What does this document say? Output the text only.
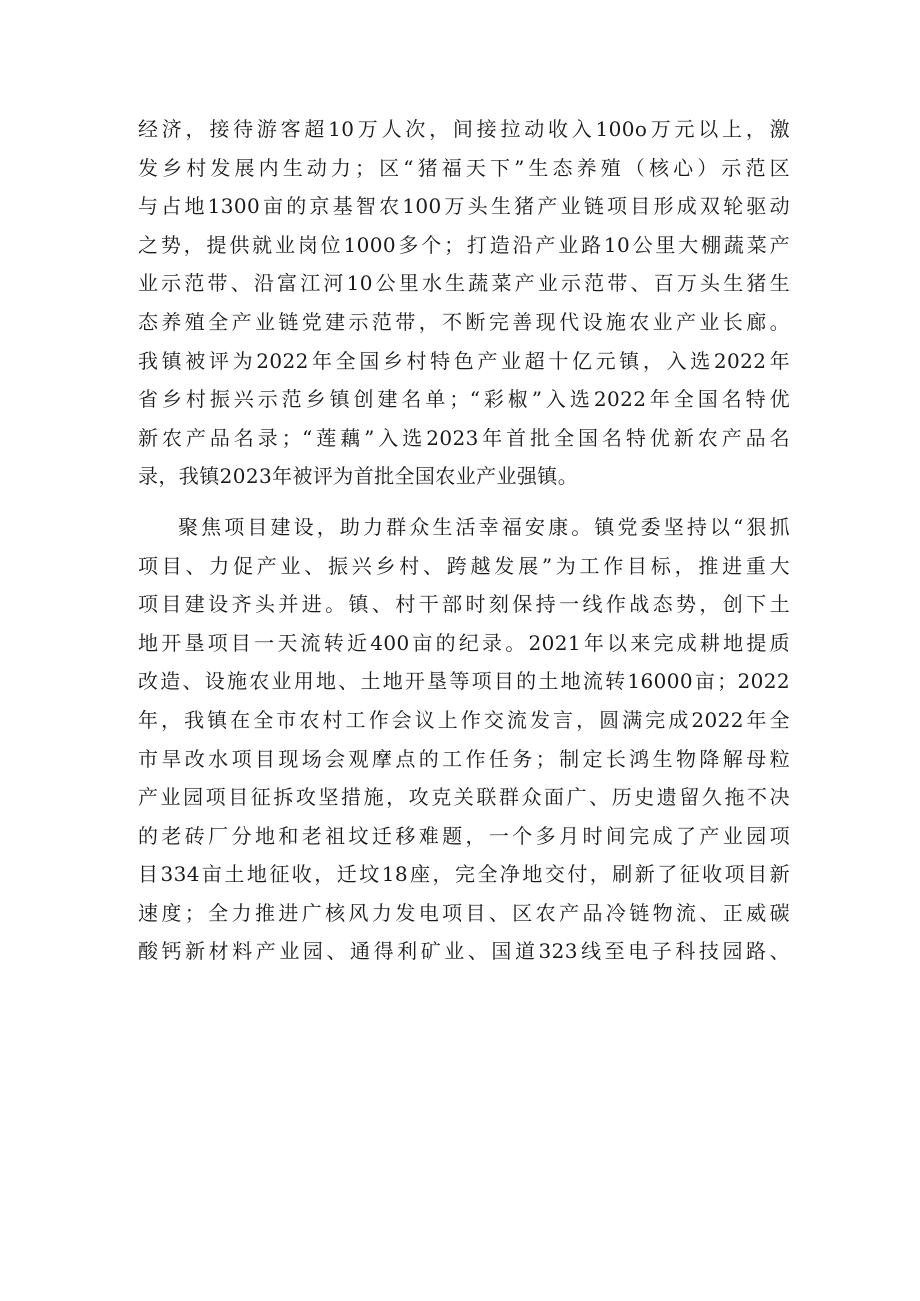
经济，接待游客超10万人次，间接拉动收入100o万元以上，激
发乡村发展内生动力；区“猪福天下”生态养殖（核心）示范区
与占地1300亩的京基智农100万头生猪产业链项目形成双轮驱动
之势，提供就业岗位1000多个；打造沿产业路10公里大棚蔬菜产
业示范带、沿富江河10公里水生蔬菜产业示范带、百万头生猪生
态养殖全产业链党建示范带，不断完善现代设施农业产业长廊。
我镇被评为2022年全国乡村特色产业超十亿元镇，入选2022年
省乡村振兴示范乡镇创建名单；“彩椒”入选2022年全国名特优
新农产品名录；“莲藕”入选2023年首批全国名特优新农产品名
录，我镇2023年被评为首批全国农业产业强镇。
聚焦项目建设，助力群众生活幸福安康。镇党委坚持以“狠抓
项目、力促产业、振兴乡村、跨越发展”为工作目标，推进重大
项目建设齐头并进。镇、村干部时刻保持一线作战态势，创下土
地开垦项目一天流转近400亩的纪录。2021年以来完成耕地提质
改造、设施农业用地、土地开垦等项目的土地流转16000亩；2022
年，我镇在全市农村工作会议上作交流发言，圆满完成2022年全
市旱改水项目现场会观摩点的工作任务；制定长鸿生物降解母粒
产业园项目征拆攻坚措施，攻克关联群众面广、历史遗留久拖不决
的老砖厂分地和老祖坟迁移难题，一个多月时间完成了产业园项
目334亩土地征收，迁坟18座，完全净地交付，刷新了征收项目新
速度；全力推进广核风力发电项目、区农产品冷链物流、正威碳
酸钙新材料产业园、通得利矿业、国道323线至电子科技园路、
